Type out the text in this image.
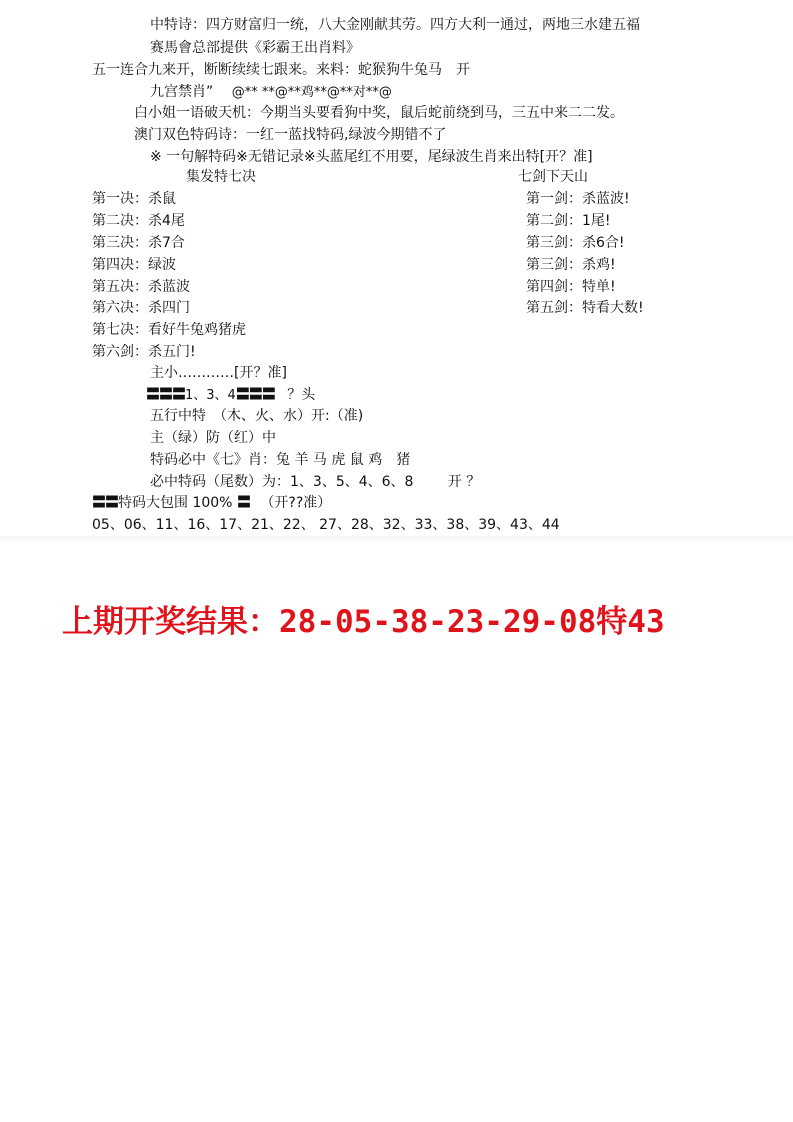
中特诗：四方财富归一统，八大金刚献其劳。四方大利一通过，两地三水建五福
赛馬會总部提供《彩霸王出肖料》
五一连合九来开，断断续续七跟来。来料：蛇猴狗牛兔马　开
九宫禁肖” @** **@**鸡**@**对**@
白小姐一语破天机：今期当头要看狗中奖，鼠后蛇前绕到马，三五中来二二发。
澳门双色特码诗：一红一蓝找特码,绿波今期错不了
※ 一句解特码※无错记录※头蓝尾红不用要，尾绿波生肖来出特[开？准]
集发特七决
第一决：杀鼠
第二决：杀4尾
第三决：杀7合
第四决：绿波
第五决：杀蓝波
第六决：杀四门
第七决：看好牛兔鸡猪虎
第六剑：杀五门!
七剑下天山
第一剑：杀蓝波!
第二剑：1尾!
第三剑：杀6合!
第三剑：杀鸡!
第四剑：特单!
第五剑：特看大数!
主小…………[开？准]
〓〓〓1、3、4〓〓〓 ？头
五行中特　（木、火、水）开:（准)
主（绿）防（红）中
特码必中《七》肖：兔 羊 马 虎 鼠 鸡　猪
必中特码（尾数）为：1、3、5、4、6、8 开 ？
〓〓特码大包围 100% 〓 （开??准）
05、06、11、16、17、21、22、 27、28、32、33、38、39、43、44
上期开奖结果：28-05-38-23-29-08特43
